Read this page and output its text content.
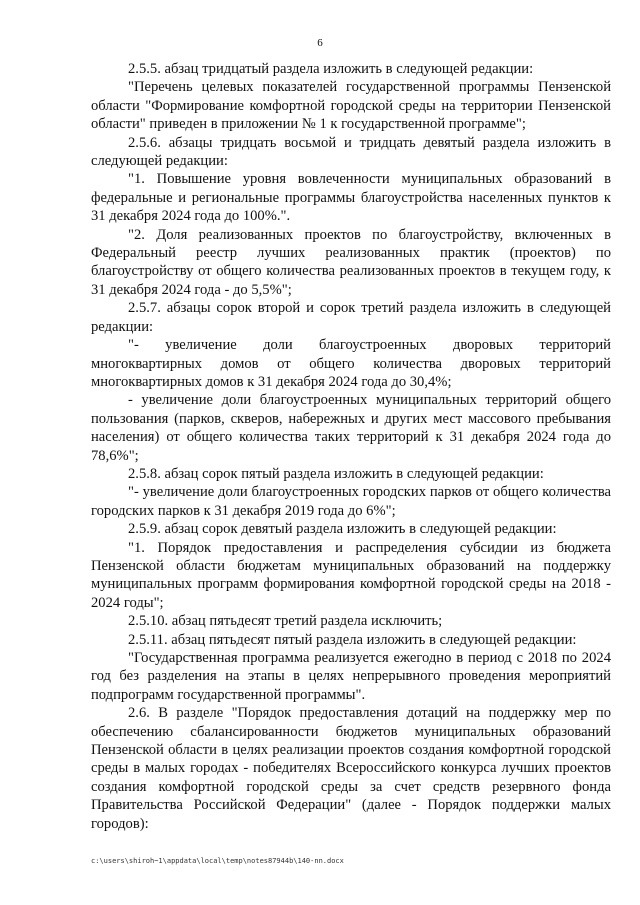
6

2.5.5. абзац тридцатый раздела изложить в следующей редакции:

"Перечень целевых показателей государственной программы Пензенской области "Формирование комфортной городской среды на территории Пензенской области" приведен в приложении № 1 к государственной программе";

2.5.6. абзацы тридцать восьмой и тридцать девятый раздела изложить в следующей редакции:

"1. Повышение уровня вовлеченности муниципальных образований в федеральные и региональные программы благоустройства населенных пунктов к 31 декабря 2024 года до 100%.".

"2. Доля реализованных проектов по благоустройству, включенных в Федеральный реестр лучших реализованных практик (проектов) по благоустройству от общего количества реализованных проектов в текущем году, к 31 декабря 2024 года - до 5,5%";

2.5.7. абзацы сорок второй и сорок третий раздела изложить в следующей редакции:

"- увеличение доли благоустроенных дворовых территорий многоквартирных домов от общего количества дворовых территорий многоквартирных домов к 31 декабря 2024 года до 30,4%;

- увеличение доли благоустроенных муниципальных территорий общего пользования (парков, скверов, набережных и других мест массового пребывания населения) от общего количества таких территорий к 31 декабря 2024 года до 78,6%";

2.5.8. абзац сорок пятый раздела изложить в следующей редакции:

"- увеличение доли благоустроенных городских парков от общего количества городских парков к 31 декабря 2019 года до 6%";

2.5.9. абзац сорок девятый раздела изложить в следующей редакции:

"1. Порядок предоставления и распределения субсидии из бюджета Пензенской области бюджетам муниципальных образований на поддержку муниципальных программ формирования комфортной городской среды на 2018 - 2024 годы";

2.5.10. абзац пятьдесят третий раздела исключить;

2.5.11. абзац пятьдесят пятый раздела изложить в следующей редакции:

"Государственная программа реализуется ежегодно в период с 2018 по 2024 год без разделения на этапы в целях непрерывного проведения мероприятий подпрограмм государственной программы".

2.6. В разделе "Порядок предоставления дотаций на поддержку мер по обеспечению сбалансированности бюджетов муниципальных образований Пензенской области в целях реализации проектов создания комфортной городской среды в малых городах - победителях Всероссийского конкурса лучших проектов создания комфортной городской среды за счет средств резервного фонда Правительства Российской Федерации" (далее - Порядок поддержки малых городов):

c:\users\shiroh~1\appdata\local\temp\notes87944b\140-nn.docx
